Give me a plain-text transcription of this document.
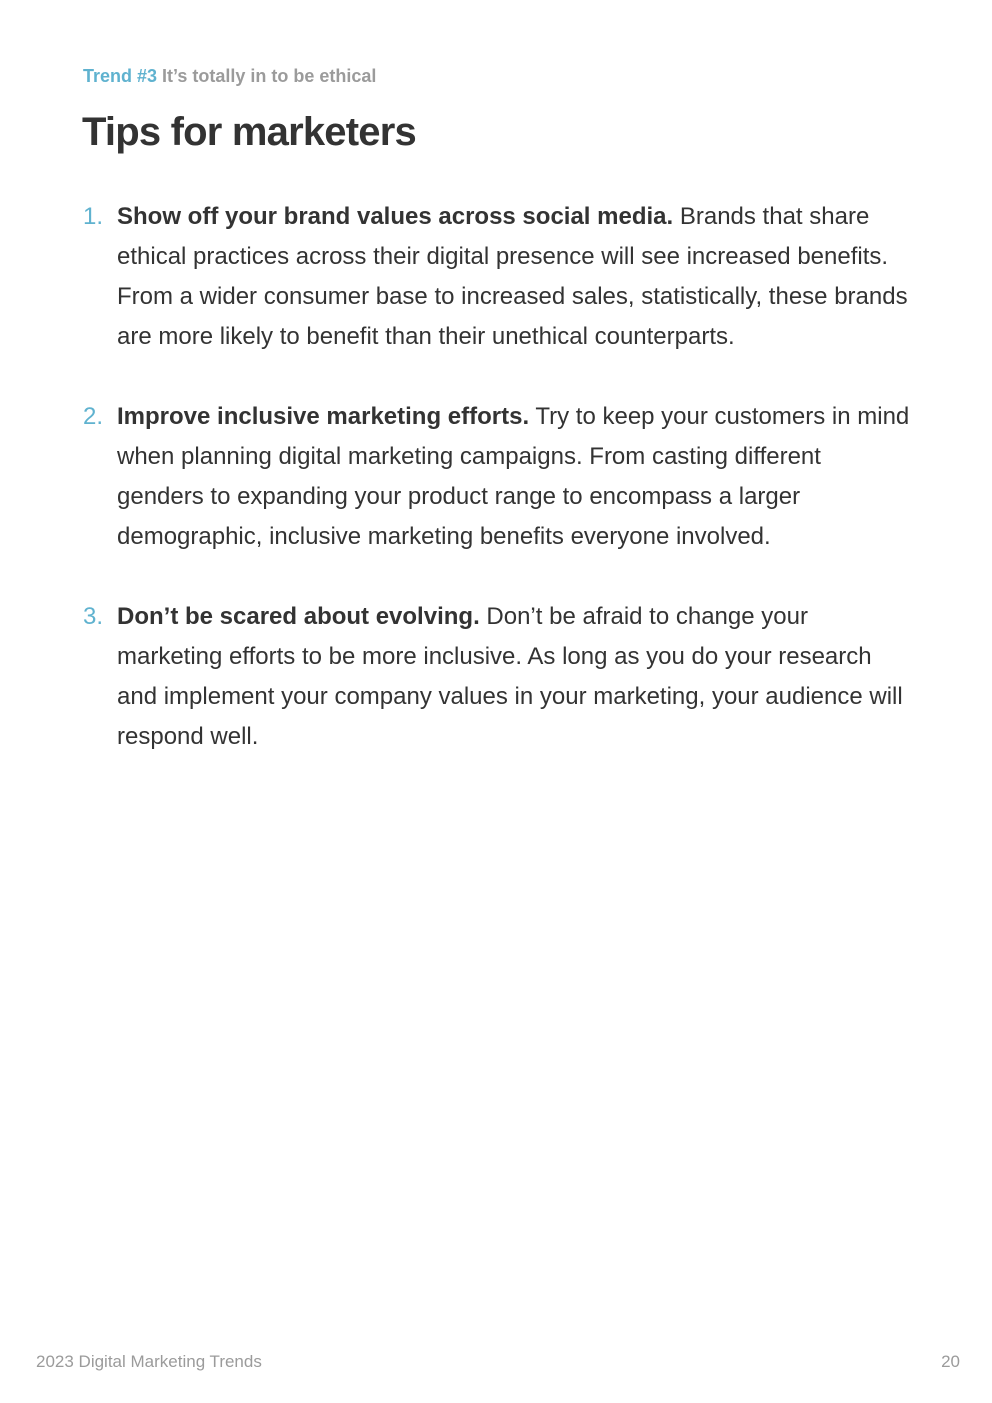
Trend #3 It’s totally in to be ethical
Tips for marketers
1. Show off your brand values across social media. Brands that share ethical practices across their digital presence will see increased benefits. From a wider consumer base to increased sales, statistically, these brands are more likely to benefit than their unethical counterparts.
2. Improve inclusive marketing efforts. Try to keep your customers in mind when planning digital marketing campaigns. From casting different genders to expanding your product range to encompass a larger demographic, inclusive marketing benefits everyone involved.
3. Don’t be scared about evolving. Don’t be afraid to change your marketing efforts to be more inclusive. As long as you do your research and implement your company values in your marketing, your audience will respond well.
2023 Digital Marketing Trends	20
